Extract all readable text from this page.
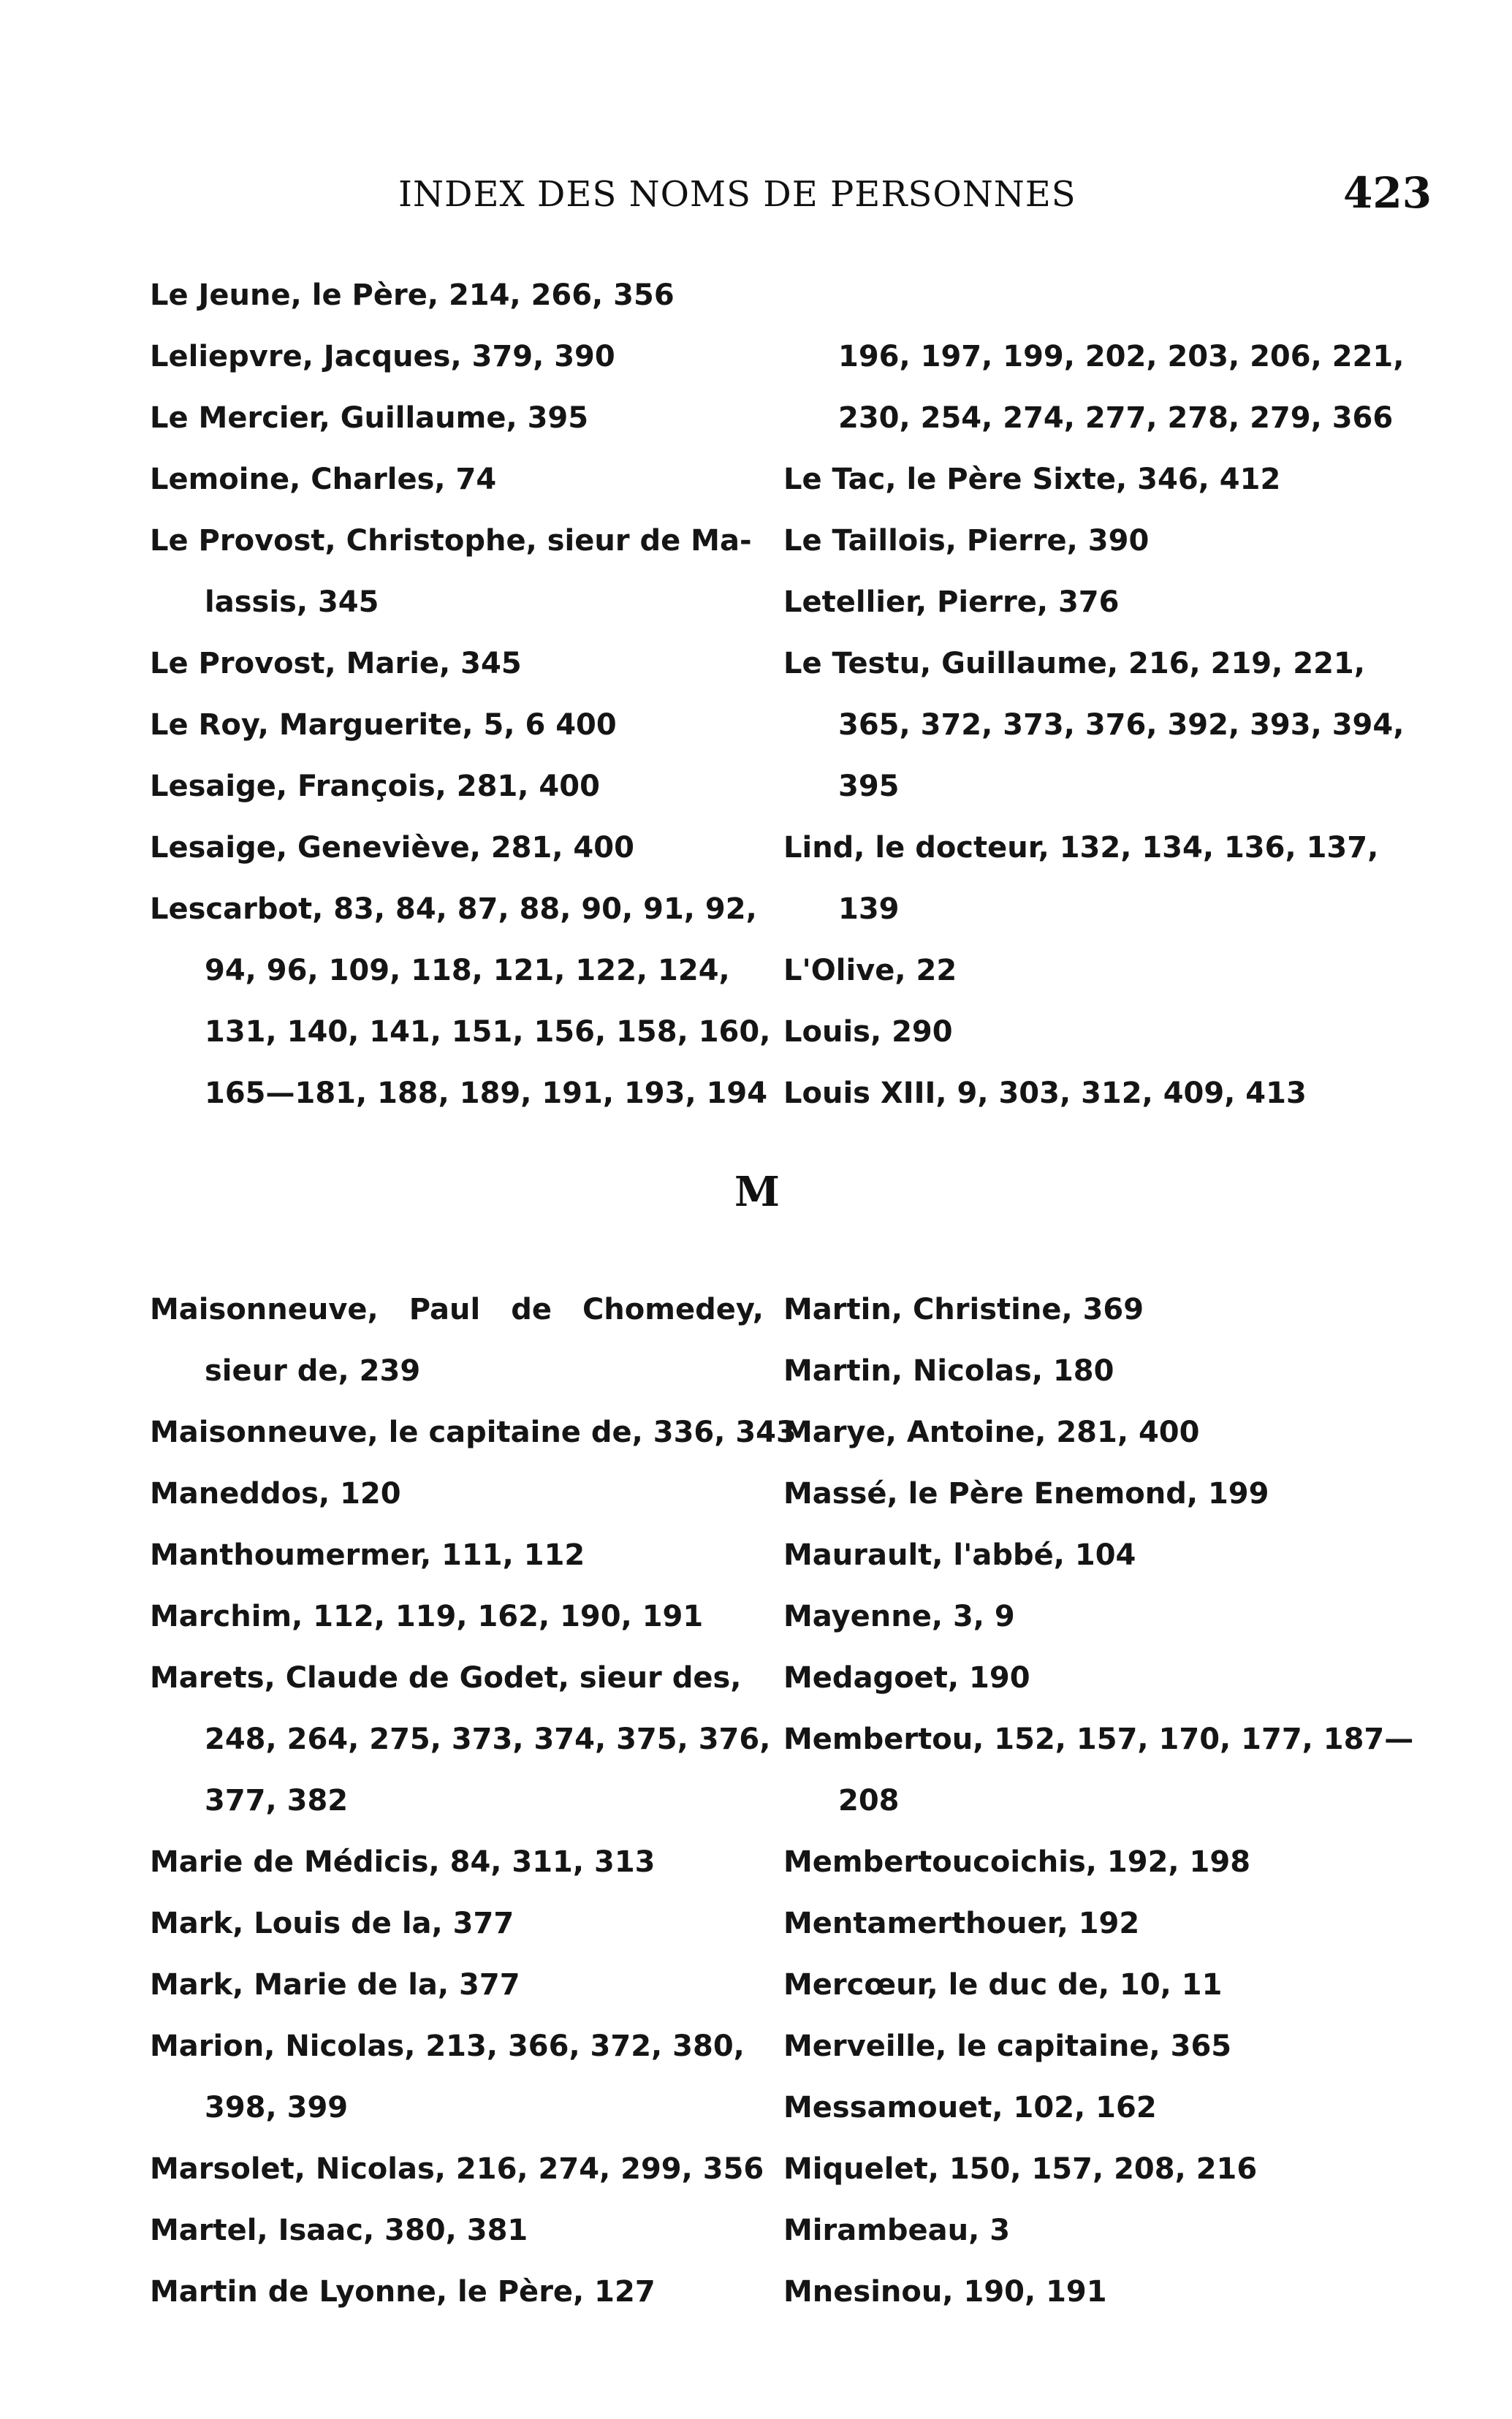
INDEX DES NOMS DE PERSONNES	423
Le Jeune, le Père, 214, 266, 356
Leliepvre, Jacques, 379, 390
Le Mercier, Guillaume, 395
Lemoine, Charles, 74
Le Provost, Christophe, sieur de Ma-
lassis, 345
Le Provost, Marie, 345
Le Roy, Marguerite, 5, 6 400
Lesaige, François, 281, 400
Lesaige, Geneviève, 281, 400
Lescarbot, 83, 84, 87, 88, 90, 91, 92,
94, 96, 109, 118, 121, 122, 124,
131, 140, 141, 151, 156, 158, 160,
165—181, 188, 189, 191, 193, 194

196, 197, 199, 202, 203, 206, 221,
230, 254, 274, 277, 278, 279, 366
Le Tac, le Père Sixte, 346, 412
Le Taillois, Pierre, 390
Letellier, Pierre, 376
Le Testu, Guillaume, 216, 219, 221,
365, 372, 373, 376, 392, 393, 394,
395
Lind, le docteur, 132, 134, 136, 137,
139
L'Olive, 22
Louis, 290
Louis XIII, 9, 303, 312, 409, 413
M
Maisonneuve, Paul de Chomedey,
sieur de, 239
Maisonneuve, le capitaine de, 336, 343
Maneddos, 120
Manthoumermer, 111, 112
Marchim, 112, 119, 162, 190, 191
Marets, Claude de Godet, sieur des,
248, 264, 275, 373, 374, 375, 376,
377, 382
Marie de Médicis, 84, 311, 313
Mark, Louis de la, 377
Mark, Marie de la, 377
Marion, Nicolas, 213, 366, 372, 380,
398, 399
Marsolet, Nicolas, 216, 274, 299, 356
Martel, Isaac, 380, 381
Martin de Lyonne, le Père, 127
Martin, Christine, 369
Martin, Nicolas, 180
Marye, Antoine, 281, 400
Massé, le Père Enemond, 199
Maurault, l'abbé, 104
Mayenne, 3, 9
Medagoet, 190
Membertou, 152, 157, 170, 177, 187—
208
Membertoucoichis, 192, 198
Mentamerthouer, 192
Mercœur, le duc de, 10, 11
Merveille, le capitaine, 365
Messamouet, 102, 162
Miquelet, 150, 157, 208, 216
Mirambeau, 3
Mnesinou, 190, 191
